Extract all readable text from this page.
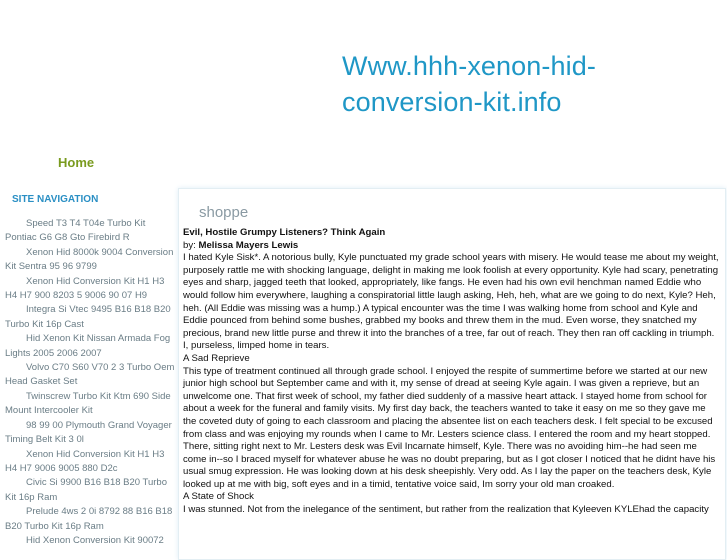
Www.hhh-xenon-hid-conversion-kit.info
Home
SITE NAVIGATION
Speed T3 T4 T04e Turbo Kit Pontiac G6 G8 Gto Firebird R
Xenon Hid 8000k 9004 Conversion Kit Sentra 95 96 9799
Xenon Hid Conversion Kit H1 H3 H4 H7 900 8203 5 9006 90 07 H9
Integra Si Vtec 9495 B16 B18 B20 Turbo Kit 16p Cast
Hid Xenon Kit Nissan Armada Fog Lights 2005 2006 2007
Volvo C70 S60 V70 2 3 Turbo Oem Head Gasket Set
Twinscrew Turbo Kit Ktm 690 Side Mount Intercooler Kit
98 99 00 Plymouth Grand Voyager Timing Belt Kit 3 0l
Xenon Hid Conversion Kit H1 H3 H4 H7 9006 9005 880 D2c
Civic Si 9900 B16 B18 B20 Turbo Kit 16p Ram
Prelude 4ws 2 0i 8792 88 B16 B18 B20 Turbo Kit 16p Ram
Hid Xenon Conversion Kit 90072
shoppe
Evil, Hostile Grumpy Listeners? Think Again
by: Melissa Mayers Lewis

I hated Kyle Sisk*. A notorious bully, Kyle punctuated my grade school years with misery. He would tease me about my weight, purposely rattle me with shocking language, delight in making me look foolish at every opportunity. Kyle had scary, penetrating eyes and sharp, jagged teeth that looked, appropriately, like fangs. He even had his own evil henchman named Eddie who would follow him everywhere, laughing a conspiratorial little laugh asking, Heh, heh, what are we going to do next, Kyle? Heh, heh. (All Eddie was missing was a hump.) A typical encounter was the time I was walking home from school and Kyle and Eddie pounced from behind some bushes, grabbed my books and threw them in the mud. Even worse, they snatched my precious, brand new little purse and threw it into the branches of a tree, far out of reach. They then ran off cackling in triumph. I, purseless, limped home in tears.

A Sad Reprieve

This type of treatment continued all through grade school. I enjoyed the respite of summertime before we started at our new junior high school but September came and with it, my sense of dread at seeing Kyle again. I was given a reprieve, but an unwelcome one. That first week of school, my father died suddenly of a massive heart attack. I stayed home from school for about a week for the funeral and family visits. My first day back, the teachers wanted to take it easy on me so they gave me the coveted duty of going to each classroom and placing the absentee list on each teachers desk. I felt special to be excused from class and was enjoying my rounds when I came to Mr. Lesters science class. I entered the room and my heart stopped. There, sitting right next to Mr. Lesters desk was Evil Incarnate himself, Kyle. There was no avoiding him--he had seen me come in--so I braced myself for whatever abuse he was no doubt preparing, but as I got closer I noticed that he didnt have his usual smug expression. He was looking down at his desk sheepishly. Very odd. As I lay the paper on the teachers desk, Kyle looked up at me with big, soft eyes and in a timid, tentative voice said, Im sorry your old man croaked.

A State of Shock

I was stunned. Not from the inelegance of the sentiment, but rather from the realization that Kyleeven KYLEhad the capacity
